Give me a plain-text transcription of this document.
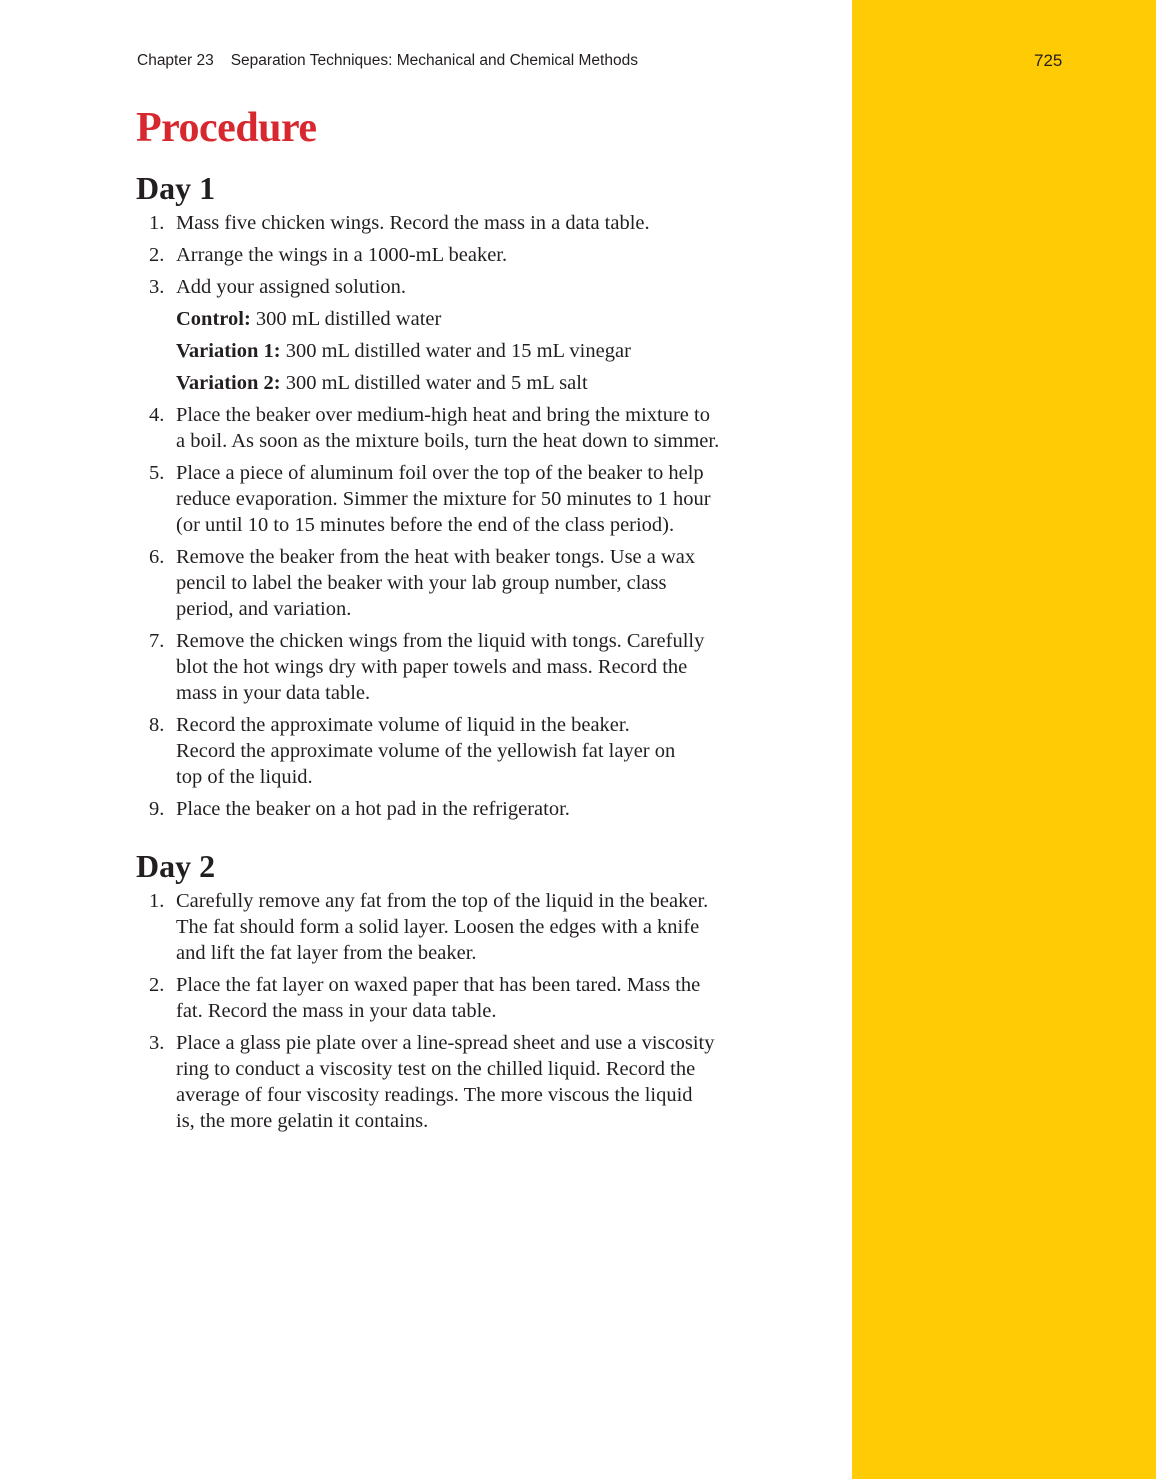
Chapter 23 Separation Techniques: Mechanical and Chemical Methods	725
Procedure
Day 1
1. Mass five chicken wings. Record the mass in a data table.
2. Arrange the wings in a 1000-mL beaker.
3. Add your assigned solution.
Control: 300 mL distilled water
Variation 1: 300 mL distilled water and 15 mL vinegar
Variation 2: 300 mL distilled water and 5 mL salt
4. Place the beaker over medium-high heat and bring the mixture to
a boil. As soon as the mixture boils, turn the heat down to simmer.
5. Place a piece of aluminum foil over the top of the beaker to help
reduce evaporation. Simmer the mixture for 50 minutes to 1 hour
(or until 10 to 15 minutes before the end of the class period).
6. Remove the beaker from the heat with beaker tongs. Use a wax
pencil to label the beaker with your lab group number, class
period, and variation.
7. Remove the chicken wings from the liquid with tongs. Carefully
blot the hot wings dry with paper towels and mass. Record the
mass in your data table.
8. Record the approximate volume of liquid in the beaker.
Record the approximate volume of the yellowish fat layer on
top of the liquid.
9. Place the beaker on a hot pad in the refrigerator.
Day 2
1. Carefully remove any fat from the top of the liquid in the beaker.
The fat should form a solid layer. Loosen the edges with a knife
and lift the fat layer from the beaker.
2. Place the fat layer on waxed paper that has been tared. Mass the
fat. Record the mass in your data table.
3. Place a glass pie plate over a line-spread sheet and use a viscosity
ring to conduct a viscosity test on the chilled liquid. Record the
average of four viscosity readings. The more viscous the liquid
is, the more gelatin it contains.
